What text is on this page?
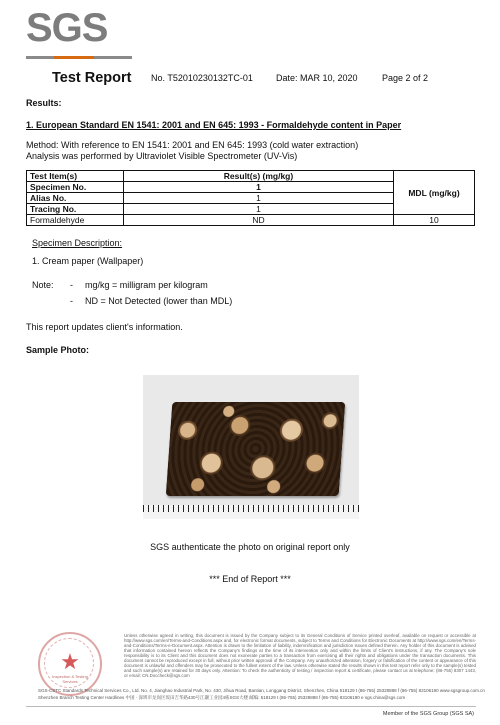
SGS
Test Report No. T52010230132TC-01	Date: MAR 10, 2020	Page 2 of 2
Results:
1. European Standard EN 1541: 2001 and EN 645: 1993 - Formaldehyde content in Paper
Method: With reference to EN 1541: 2001 and EN 645: 1993 (cold water extraction)
Analysis was performed by Ultraviolet Visible Spectrometer (UV-Vis)
Test Item(s)	Result(s) (mg/kg)	MDL (mg/kg)
Specimen No.	1	
Alias No.	1	
Tracing No.	1	
Formaldehyde	ND	10
Specimen Description:
1. Cream paper (Wallpaper)
Note: - mg/kg = milligram per kilogram
- ND = Not Detected (lower than MDL)
This report updates client's information.
Sample Photo:
SGS authenticate the photo on original report only
*** End of Report ***
★
Inspection & Testing Services
Unless otherwise agreed in writing, this document is issued by the Company subject to its General Conditions of Service printed overleaf, available on request or accessible at http://www.sgs.com/en/Terms-and-Conditions.aspx and, for electronic format documents, subject to Terms and Conditions for Electronic Documents at http://www.sgs.com/en/Terms-and-Conditions/Terms-e-Document.aspx. Attention is drawn to the limitation of liability, indemnification and jurisdiction issues defined therein. Any holder of this document is advised that information contained hereon reflects the Company's findings at the time of its intervention only and within the limits of Client's instructions, if any. The Company's sole responsibility is to its Client and this document does not exonerate parties to a transaction from exercising all their rights and obligations under the transaction documents. This document cannot be reproduced except in full, without prior written approval of the Company. Any unauthorized alteration, forgery or falsification of the content or appearance of this document is unlawful and offenders may be prosecuted to the fullest extent of the law. Unless otherwise stated the results shown in this test report refer only to the sample(s) tested and such sample(s) are retained for 30 days only. Attention: To check the authenticity of testing / inspection report & certificate, please contact us at telephone: (86-755) 8307 1443, or email: CN.Doccheck@sgs.com
SGS-CSTC Standards Technical Services Co., Ltd. No. 4, Jianghao Industrial Park, No. 430, Jihua Road, Bantian, Longgang District, Shenzhen, China 518129 t (86-755) 25328888 f (86-755) 83106190 www.sgsgroup.com.cn
Shenzhen Branch Testing Center Hardlines 中国 · 深圳市龙岗区坂田吉华路430号江灏工业园4栋SGS大楼 邮编: 518129 t (86-755) 25328888 f (86-755) 83106190 e sgs.china@sgs.com
Member of the SGS Group (SGS SA)
